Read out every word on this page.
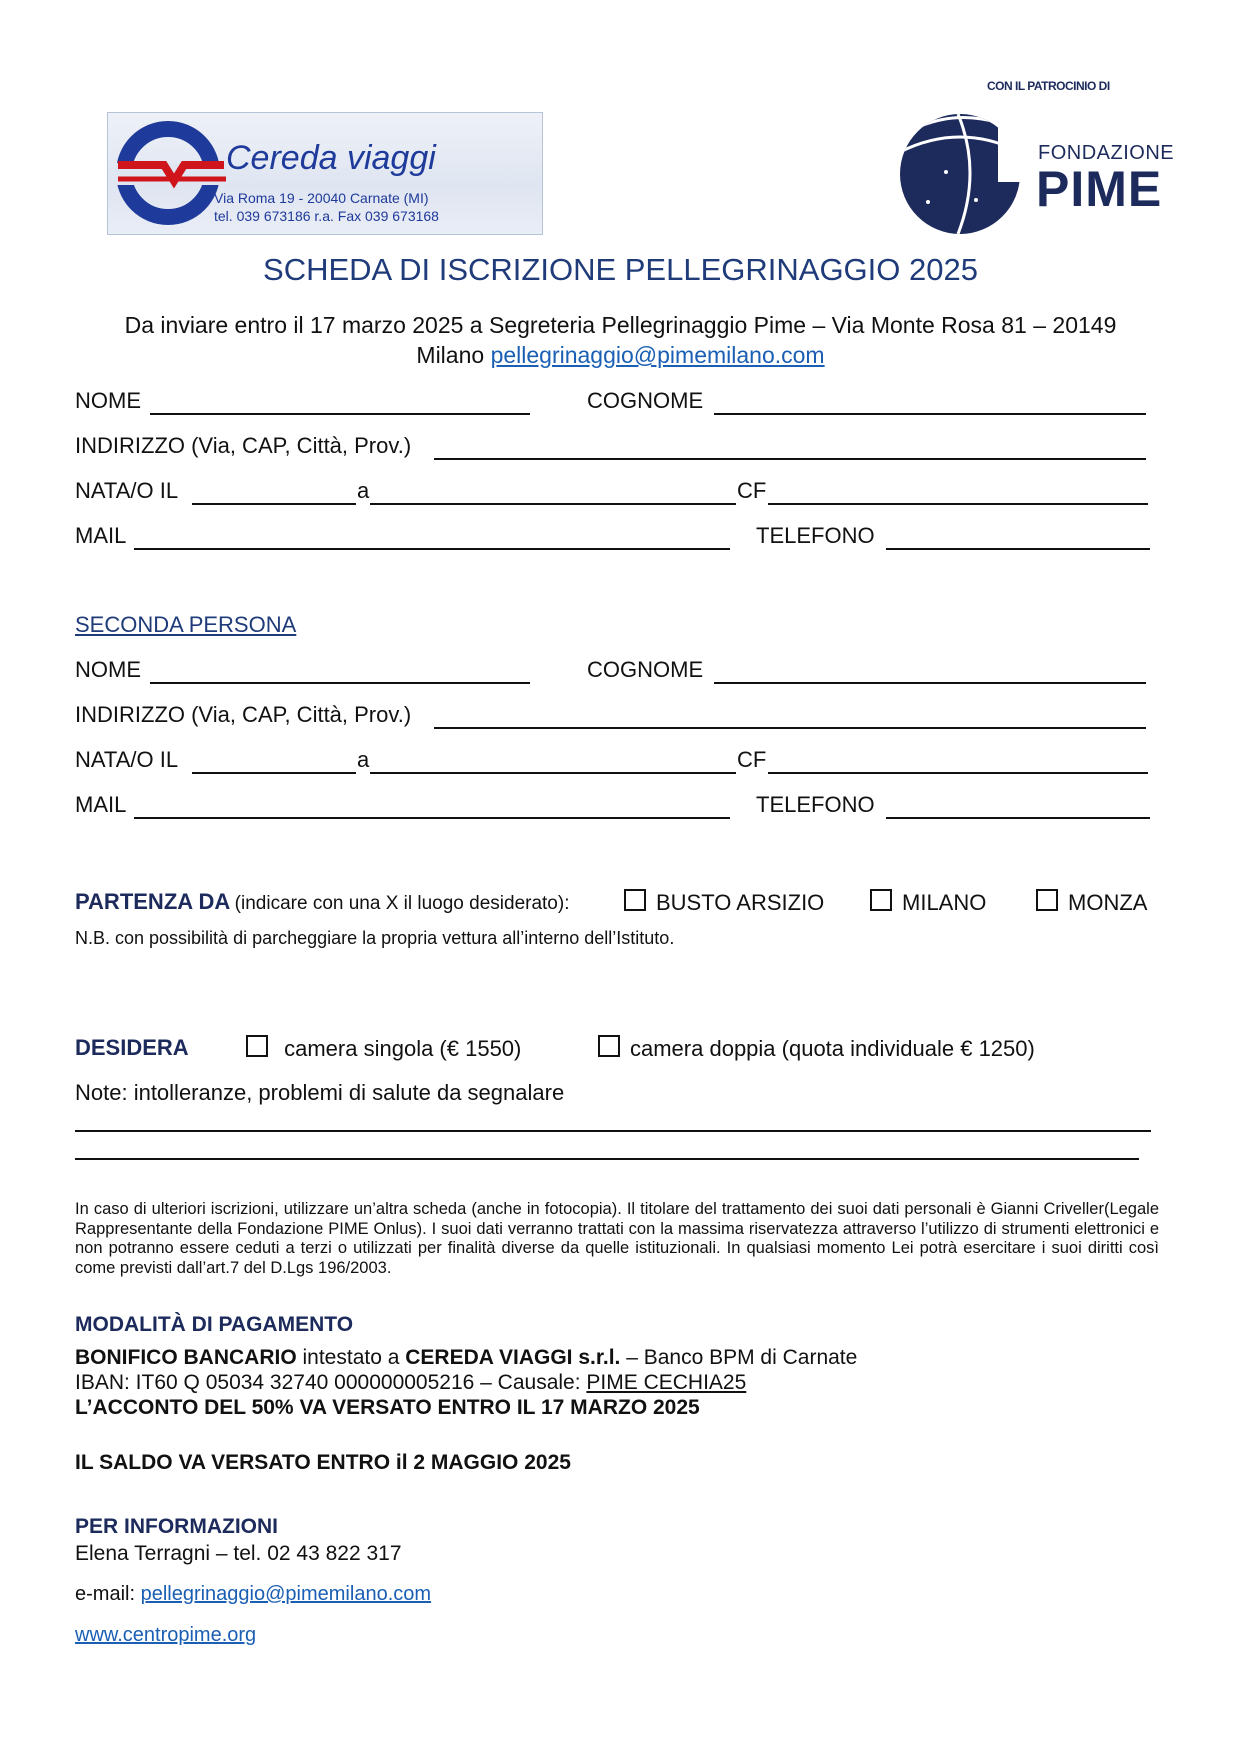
Cereda viaggi
Via Roma 19 - 20040 Carnate (MI)
tel. 039 673186 r.a. Fax 039 673168
CON IL PATROCINIO DI
FONDAZIONE
PIME
SCHEDA DI ISCRIZIONE PELLEGRINAGGIO 2025
Da inviare entro il 17 marzo 2025 a Segreteria Pellegrinaggio Pime – Via Monte Rosa 81 – 20149
Milano pellegrinaggio@pimemilano.com
NOME	COGNOME
INDIRIZZO (Via, CAP, Città, Prov.)
NATA/O IL	a	CF
MAIL	TELEFONO
SECONDA PERSONA
NOME	COGNOME
INDIRIZZO (Via, CAP, Città, Prov.)
NATA/O IL	a	CF
MAIL	TELEFONO
PARTENZA DA (indicare con una X il luogo desiderato):	BUSTO ARSIZIO	MILANO	MONZA
N.B. con possibilità di parcheggiare la propria vettura all’interno dell’Istituto.
DESIDERA	camera singola (€ 1550)	camera doppia (quota individuale € 1250)
Note: intolleranze, problemi di salute da segnalare
In caso di ulteriori iscrizioni, utilizzare un’altra scheda (anche in fotocopia). Il titolare del trattamento dei suoi dati personali è Gianni Criveller(Legale Rappresentante della Fondazione PIME Onlus). I suoi dati verranno trattati con la massima riservatezza attraverso l’utilizzo di strumenti elettronici e non potranno essere ceduti a terzi o utilizzati per finalità diverse da quelle istituzionali. In qualsiasi momento Lei potrà esercitare i suoi diritti così come previsti dall’art.7 del D.Lgs 196/2003.
MODALITÀ DI PAGAMENTO
BONIFICO BANCARIO intestato a CEREDA VIAGGI s.r.l. – Banco BPM di Carnate
IBAN: IT60 Q 05034 32740 000000005216 – Causale: PIME CECHIA25
L’ACCONTO DEL 50% VA VERSATO ENTRO IL 17 MARZO 2025
IL SALDO VA VERSATO ENTRO il 2 MAGGIO 2025
PER INFORMAZIONI
Elena Terragni – tel. 02 43 822 317
e-mail: pellegrinaggio@pimemilano.com
www.centropime.org
